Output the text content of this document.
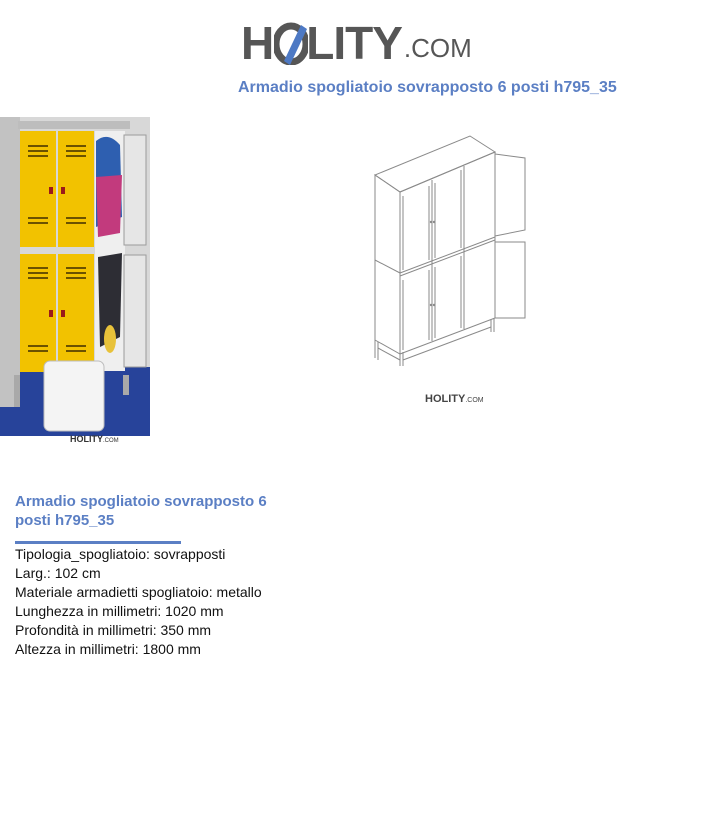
H LITY .COM
Armadio spogliatoio sovrapposto 6 posti h795_35
HOLITY.COM
HOLITY.COM
Armadio spogliatoio sovrapposto 6 posti h795_35
Tipologia_spogliatoio: sovrapposti
Larg.: 102 cm
Materiale armadietti spogliatoio: metallo
Lunghezza in millimetri: 1020 mm
Profondità in millimetri: 350 mm
Altezza in millimetri: 1800 mm
